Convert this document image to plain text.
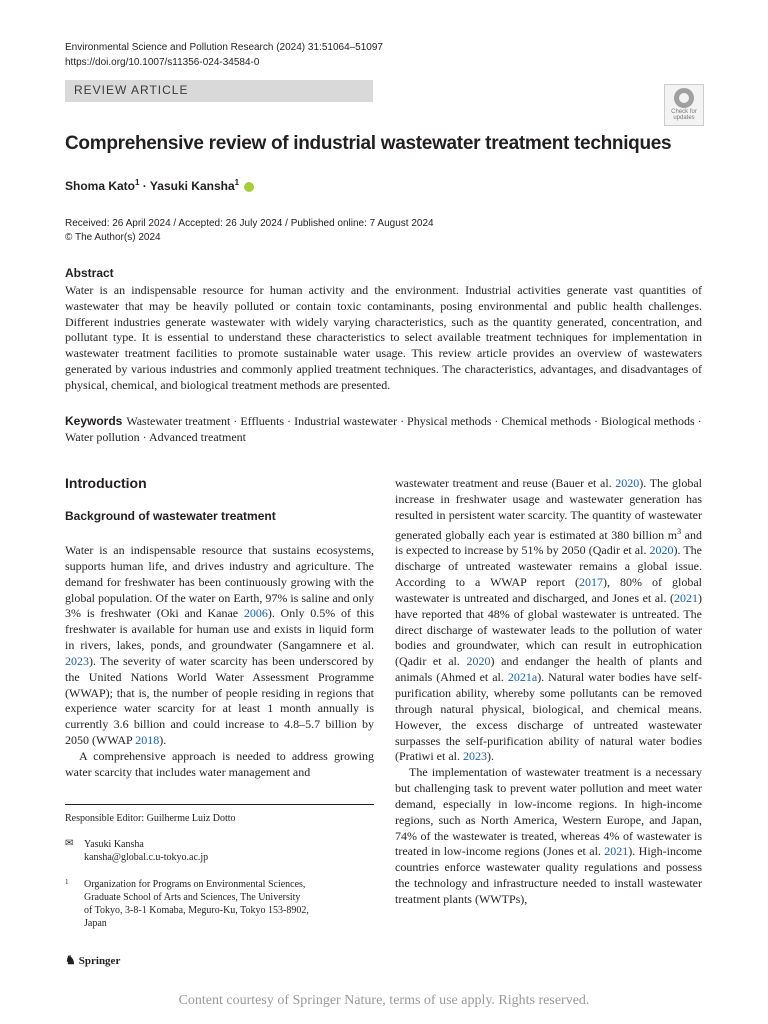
Environmental Science and Pollution Research (2024) 31:51064–51097
https://doi.org/10.1007/s11356-024-34584-0
REVIEW ARTICLE
Check for updates
Comprehensive review of industrial wastewater treatment techniques
Shoma Kato$^1$ · Yasuki Kansha$^1$
Received: 26 April 2024 / Accepted: 26 July 2024 / Published online: 7 August 2024
© The Author(s) 2024
Abstract
Water is an indispensable resource for human activity and the environment. Industrial activities generate vast quantities of wastewater that may be heavily polluted or contain toxic contaminants, posing environmental and public health challenges. Different industries generate wastewater with widely varying characteristics, such as the quantity generated, concentration, and pollutant type. It is essential to understand these characteristics to select available treatment techniques for implementation in wastewater treatment facilities to promote sustainable water usage. This review article provides an overview of wastewaters generated by various industries and commonly applied treatment techniques. The characteristics, advantages, and disadvantages of physical, chemical, and biological treatment methods are presented.
Keywords Wastewater treatment · Effluents · Industrial wastewater · Physical methods · Chemical methods · Biological methods · Water pollution · Advanced treatment
Introduction
Background of wastewater treatment

Water is an indispensable resource that sustains ecosystems, supports human life, and drives industry and agriculture. The demand for freshwater has been continuously growing with the global population. Of the water on Earth, 97% is saline and only 3% is freshwater (Oki and Kanae 2006). Only 0.5% of this freshwater is available for human use and exists in liquid form in rivers, lakes, ponds, and groundwater (Sangamnere et al. 2023). The severity of water scarcity has been underscored by the United Nations World Water Assessment Programme (WWAP); that is, the number of people residing in regions that experience water scarcity for at least 1 month annually is currently 3.6 billion and could increase to 4.8–5.7 billion by 2050 (WWAP 2018).

A comprehensive approach is needed to address growing water scarcity that includes water management and

wastewater treatment and reuse (Bauer et al. 2020). The global increase in freshwater usage and wastewater generation has resulted in persistent water scarcity. The quantity of wastewater generated globally each year is estimated at 380 billion $m^3$ and is expected to increase by 51% by 2050 (Qadir et al. 2020). The discharge of untreated wastewater remains a global issue. According to a WWAP report (2017), 80% of global wastewater is untreated and discharged, and Jones et al. (2021) have reported that 48% of global wastewater is untreated. The direct discharge of wastewater leads to the pollution of water bodies and groundwater, which can result in eutrophication (Qadir et al. 2020) and endanger the health of plants and animals (Ahmed et al. 2021a). Natural water bodies have self-purification ability, whereby some pollutants can be removed through natural physical, biological, and chemical means. However, the excess discharge of untreated wastewater surpasses the self-purification ability of natural water bodies (Pratiwi et al. 2023).

The implementation of wastewater treatment is a necessary but challenging task to prevent water pollution and meet water demand, especially in low-income regions. In high-income regions, such as North America, Western Europe, and Japan, 74% of the wastewater is treated, whereas 4% of wastewater is treated in low-income regions (Jones et al. 2021). High-income countries enforce wastewater quality regulations and possess the technology and infrastructure needed to install wastewater treatment plants (WWTPs),

Responsible Editor: Guilherme Luiz Dotto
✉ Yasuki Kansha
kansha@global.c.u-tokyo.ac.jp
1 Organization for Programs on Environmental Sciences,
Graduate School of Arts and Sciences, The University
of Tokyo, 3-8-1 Komaba, Meguro-Ku, Tokyo 153-8902,
Japan
♞ Springer
Content courtesy of Springer Nature, terms of use apply. Rights reserved.
